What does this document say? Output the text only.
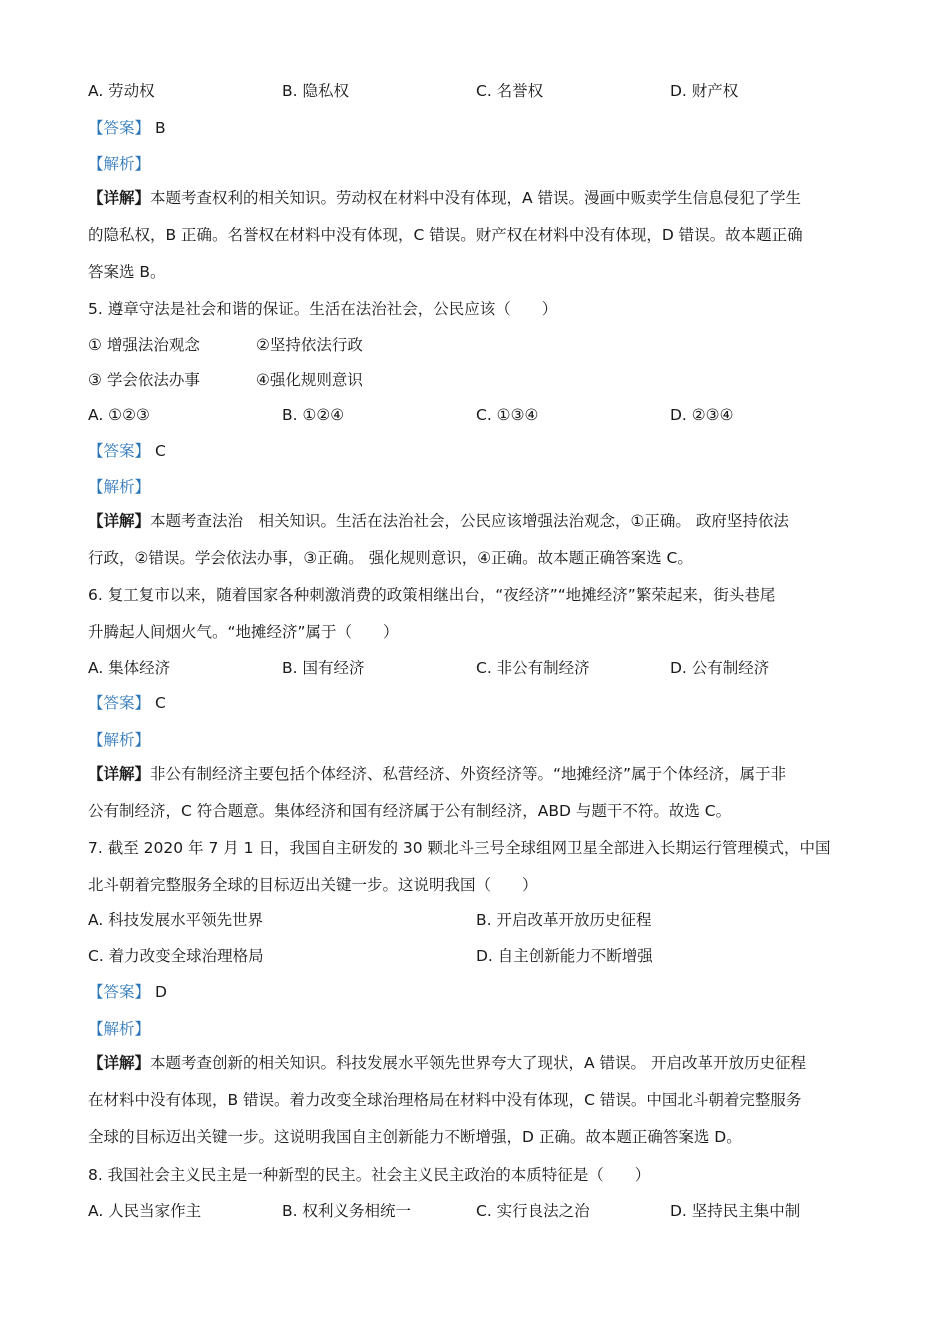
A. 劳动权	B. 隐私权	C. 名誉权	D. 财产权
【答案】 B
【解析】
【详解】本题考查权利的相关知识。劳动权在材料中没有体现，A 错误。漫画中贩卖学生信息侵犯了学生
的隐私权，B 正确。名誉权在材料中没有体现，C 错误。财产权在材料中没有体现，D 错误。故本题正确
答案选 B。
5. 遵章守法是社会和谐的保证。生活在法治社会，公民应该（　　）
① 增强法治观念	②坚持依法行政
③ 学会依法办事	④强化规则意识
A. ①②③	B. ①②④	C. ①③④	D. ②③④
【答案】 C
【解析】
【详解】本题考查法治　相关知识。生活在法治社会，公民应该增强法治观念，①正确。 政府坚持依法
行政，②错误。学会依法办事，③正确。 强化规则意识，④正确。故本题正确答案选 C。
6. 复工复市以来，随着国家各种刺激消费的政策相继出台，“夜经济”“地摊经济”繁荣起来，街头巷尾
升腾起人间烟火气。“地摊经济”属于（　　）
A. 集体经济	B. 国有经济	C. 非公有制经济	D. 公有制经济
【答案】 C
【解析】
【详解】非公有制经济主要包括个体经济、私营经济、外资经济等。“地摊经济”属于个体经济，属于非
公有制经济，C 符合题意。集体经济和国有经济属于公有制经济，ABD 与题干不符。故选 C。
7. 截至 2020 年 7 月 1 日，我国自主研发的 30 颗北斗三号全球组网卫星全部进入长期运行管理模式，中国
北斗朝着完整服务全球的目标迈出关键一步。这说明我国（　　）
A. 科技发展水平领先世界	B. 开启改革开放历史征程
C. 着力改变全球治理格局	D. 自主创新能力不断增强
【答案】 D
【解析】
【详解】本题考查创新的相关知识。科技发展水平领先世界夸大了现状，A 错误。 开启改革开放历史征程
在材料中没有体现，B 错误。着力改变全球治理格局在材料中没有体现，C 错误。中国北斗朝着完整服务
全球的目标迈出关键一步。这说明我国自主创新能力不断增强，D 正确。故本题正确答案选 D。
8. 我国社会主义民主是一种新型的民主。社会主义民主政治的本质特征是（　　）
A. 人民当家作主	B. 权利义务相统一	C. 实行良法之治	D. 坚持民主集中制
